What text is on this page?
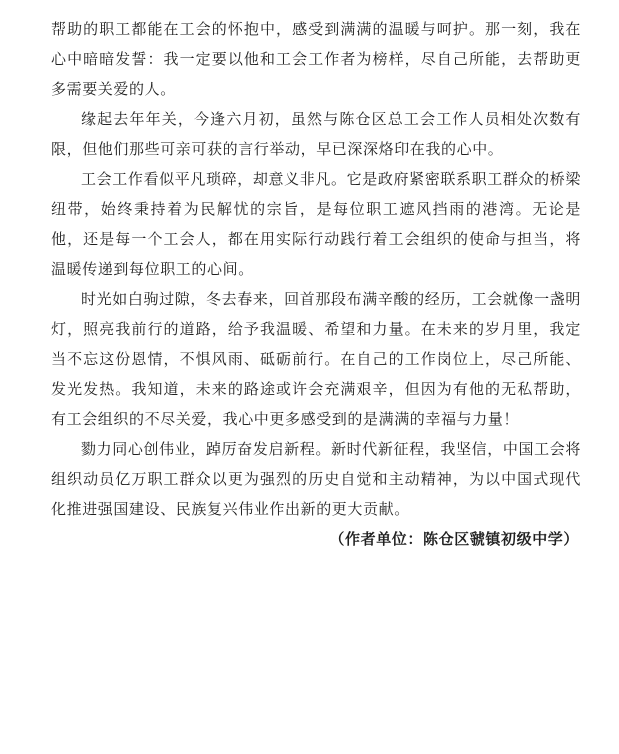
帮助的职工都能在工会的怀抱中，感受到满满的温暖与呵护。那一刻，我在心中暗暗发誓：我一定要以他和工会工作者为榜样，尽自己所能，去帮助更多需要关爱的人。

缘起去年年关，今逢六月初，虽然与陈仓区总工会工作人员相处次数有限，但他们那些可亲可获的言行举动，早已深深烙印在我的心中。

工会工作看似平凡琐碎，却意义非凡。它是政府紧密联系职工群众的桥梁纽带，始终秉持着为民解忧的宗旨，是每位职工遮风挡雨的港湾。无论是他，还是每一个工会人，都在用实际行动践行着工会组织的使命与担当，将温暖传递到每位职工的心间。

时光如白驹过隙，冬去春来，回首那段布满辛酸的经历，工会就像一盏明灯，照亮我前行的道路，给予我温暖、希望和力量。在未来的岁月里，我定当不忘这份恩情，不惧风雨、砥砺前行。在自己的工作岗位上，尽己所能、发光发热。我知道，未来的路途或许会充满艰辛，但因为有他的无私帮助，有工会组织的不尽关爱，我心中更多感受到的是满满的幸福与力量！

勠力同心创伟业，踔厉奋发启新程。新时代新征程，我坚信，中国工会将组织动员亿万职工群众以更为强烈的历史自觉和主动精神，为以中国式现代化推进强国建设、民族复兴伟业作出新的更大贡献。

（作者单位：陈仓区虢镇初级中学）
